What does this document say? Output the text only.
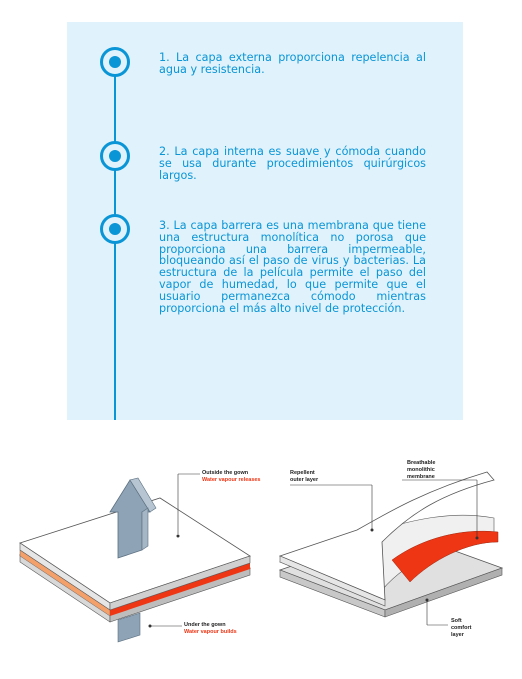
1. La capa externa proporciona repelencia al agua y resistencia.
2. La capa interna es suave y cómoda cuando se usa durante procedimientos quirúrgicos largos.
3. La capa barrera es una membrana que tiene una estructura monolítica no porosa que proporciona una barrera impermeable, bloqueando así el paso de virus y bacterias. La estructura de la película permite el paso del vapor de humedad, lo que permite que el usuario permanezca cómodo mientras proporciona el más alto nivel de protección.
Outside the gown
Water vapour releases
Under the gown
Water vapour builds
Repellent
outer layer
Breathable
monolithic
membrane
Soft
comfort
layer
